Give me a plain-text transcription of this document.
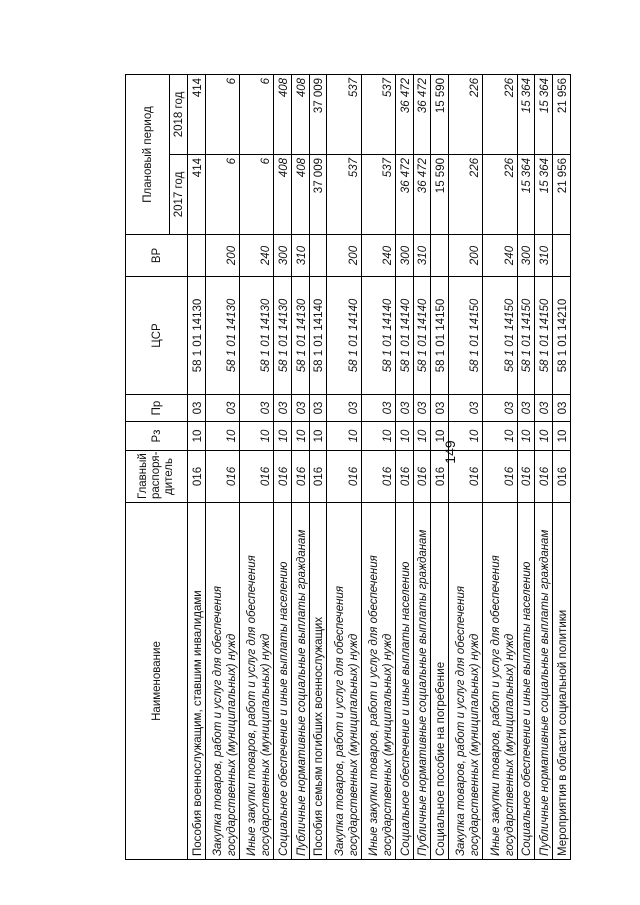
149
Наименование	Главный
распоря-
дитель	Рз	Пр	ЦСР	ВР	Плановый период	
						2017 год	2018 год
Пособия военнослужащим, ставшим инвалидами	016	10	03	58 1 01 14130		414	414
Закупка товаров, работ и услуг для обеспечения государственных (муниципальных) нужд	016	10	03	58 1 01 14130	200	6	6
Иные закупки товаров, работ и услуг для обеспечения государственных (муниципальных) нужд	016	10	03	58 1 01 14130	240	6	6
Социальное обеспечение и иные выплаты населению	016	10	03	58 1 01 14130	300	408	408
Публичные нормативные социальные выплаты гражданам	016	10	03	58 1 01 14130	310	408	408
Пособия семьям погибших военнослужащих	016	10	03	58 1 01 14140		37 009	37 009
Закупка товаров, работ и услуг для обеспечения государственных (муниципальных) нужд	016	10	03	58 1 01 14140	200	537	537
Иные закупки товаров, работ и услуг для обеспечения государственных (муниципальных) нужд	016	10	03	58 1 01 14140	240	537	537
Социальное обеспечение и иные выплаты населению	016	10	03	58 1 01 14140	300	36 472	36 472
Публичные нормативные социальные выплаты гражданам	016	10	03	58 1 01 14140	310	36 472	36 472
Социальное пособие на погребение	016	10	03	58 1 01 14150		15 590	15 590
Закупка товаров, работ и услуг для обеспечения государственных (муниципальных) нужд	016	10	03	58 1 01 14150	200	226	226
Иные закупки товаров, работ и услуг для обеспечения государственных (муниципальных) нужд	016	10	03	58 1 01 14150	240	226	226
Социальное обеспечение и иные выплаты населению	016	10	03	58 1 01 14150	300	15 364	15 364
Публичные нормативные социальные выплаты гражданам	016	10	03	58 1 01 14150	310	15 364	15 364
Мероприятия в области социальной политики	016	10	03	58 1 01 14210		21 956	21 956
